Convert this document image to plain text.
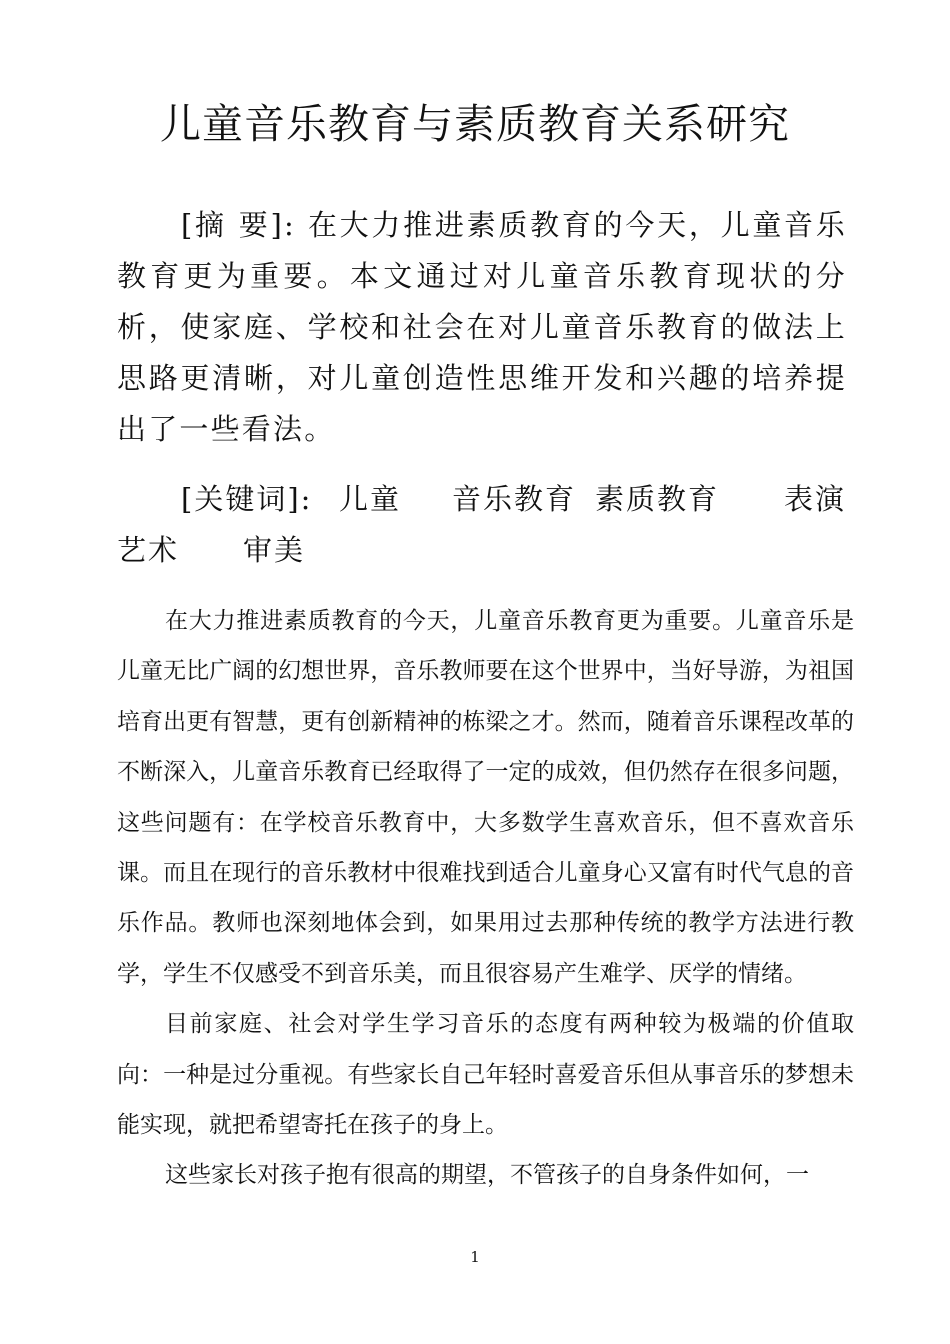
儿童音乐教育与素质教育关系研究

[摘 要]: 在大力推进素质教育的今天，儿童音乐教育更为重要。本文通过对儿童音乐教育现状的分析，使家庭、学校和社会在对儿童音乐教育的做法上思路更清晰，对儿童创造性思维开发和兴趣的培养提出了一些看法。

[关键词]: 儿童 音乐教育 素质教育 表演
艺术 审美

在大力推进素质教育的今天，儿童音乐教育更为重要。儿童音乐是儿童无比广阔的幻想世界，音乐教师要在这个世界中，当好导游，为祖国培育出更有智慧，更有创新精神的栋梁之才。然而，随着音乐课程改革的不断深入，儿童音乐教育已经取得了一定的成效，但仍然存在很多问题，这些问题有：在学校音乐教育中，大多数学生喜欢音乐，但不喜欢音乐课。而且在现行的音乐教材中很难找到适合儿童身心又富有时代气息的音乐作品。教师也深刻地体会到，如果用过去那种传统的教学方法进行教学，学生不仅感受不到音乐美，而且很容易产生难学、厌学的情绪。

目前家庭、社会对学生学习音乐的态度有两种较为极端的价值取向：一种是过分重视。有些家长自己年轻时喜爱音乐但从事音乐的梦想未能实现，就把希望寄托在孩子的身上。

这些家长对孩子抱有很高的期望，不管孩子的自身条件如何，一

1
